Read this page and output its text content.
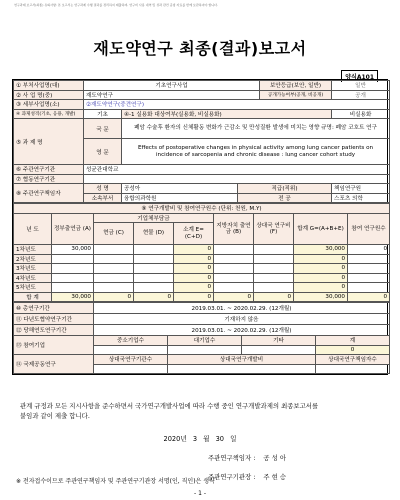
연구과제 보고서(최종) 유의사항: 본 보고서는 연구과제 수행 결과를 정리하여 제출하며, 연구비 사용 내역 및 성과 관련 증빙 자료를 함께 보관하여야 합니다.
재도약연구 최종(결과)보고서
양식A101
① 부처사업명(대)	기초연구사업			보안등급(보안, 일반)	일반
② 사 업 명(중)	재도약연구			공개가능여부(공개, 비공개)	공개
③ 세부사업명(소)	②재도약연구(중견연구)				
④ 과제성격(기초, 응용, 개발)	기초	④-1 실용화 대상여부(실용화, 비실용화)			비실용화
⑤ 과 제 명	국 문	폐암 수술후 환자의 신체활동 변화가 근감소 및 만성질환 발생에 미치는 영향 규명: 폐암 코호트 연구			
	영 문	Effects of postoperative changes in physical activity among lung cancer patients on incidence of sarcopenia and chronic disease : lung cancer cohort study			
⑥ 주관연구기관	성균관대학교				
⑦ 협동연구기관					
⑧ 주관연구책임자	성 명	공성아	직급(직위)		책임연구원
	소속부서	융합의과학원	전 공		스포츠 의학
⑨ 연구개발비 및 참여연구원수 (단위: 천원, M.Y)								
년 도	정부출연금 (A)	기업체부담금			지방자치 출연금 (B)	상대국 연구비 (F)	합계 G=(A+B+E)	참여 연구원수
		현금 (C)	현물 (D)	소계 E=(C+D)				
1차년도	30,000			0			30,000	0
2차년도				0			0	
3차년도				0			0	
4차년도				0			0	
5차년도				0			0	
합 계	30,000	0	0	0	0	0	30,000	0
⑩ 총연구기간	2019.03.01. ~ 2020.02.29. (12개월)			
⑪ 다년도협약연구기간	기재하지 않음			
⑫ 당해연도연구기간	2019.03.01. ~ 2020.02.29. (12개월)			
⑬ 참여기업	중소기업수	대기업수	기타	계
				0
⑭ 국제공동연구	상대국연구기관수	상대국연구개발비		상대국연구책임자수

관계 규정과 모든 지시사항을 준수하면서 국가연구개발사업에 따라 수행 중인 연구개발과제의 최종보고서를
붙임과 같이 제출 합니다.
2020년 3 월 30 일
주관연구책임자 : 공 성 아
주관연구기관장 : 주 현 승
※ 전자접수이므로 주관연구책임자 및 주관연구기관장 서명(인, 직인)은 생략
- 1 -
